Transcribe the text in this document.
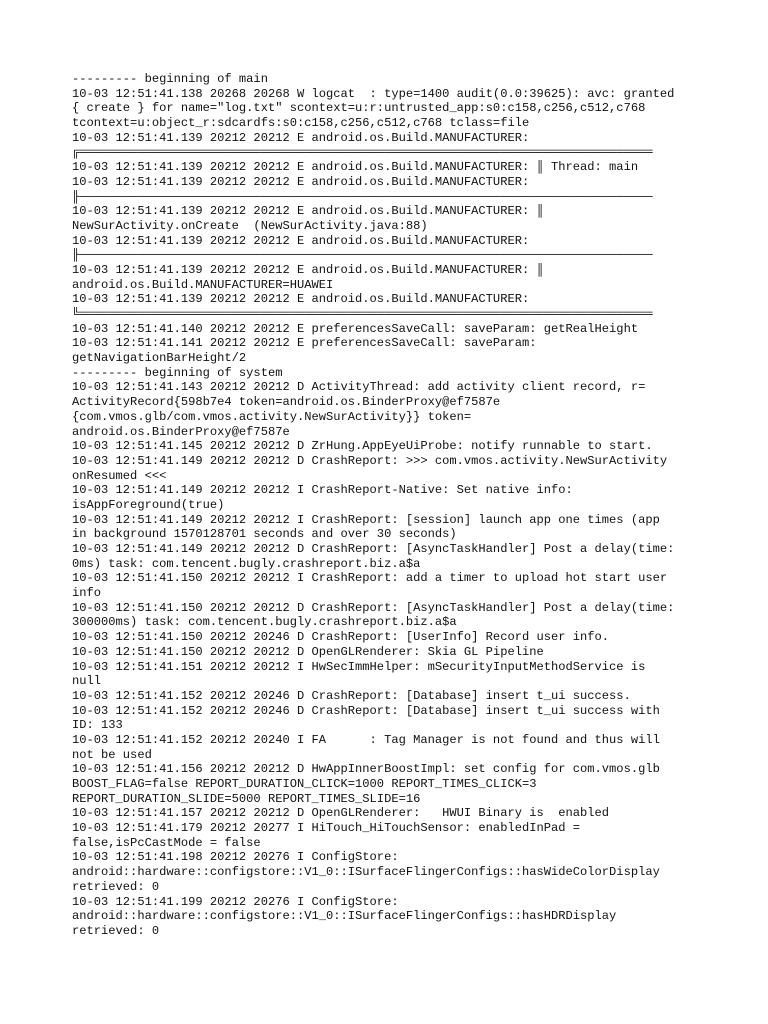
--------- beginning of main
10-03 12:51:41.138 20268 20268 W logcat  : type=1400 audit(0.0:39625): avc: granted
{ create } for name="log.txt" scontext=u:r:untrusted_app:s0:c158,c256,c512,c768
tcontext=u:object_r:sdcardfs:s0:c158,c256,c512,c768 tclass=file
10-03 12:51:41.139 20212 20212 E android.os.Build.MANUFACTURER:
╔═══════════════════════════════════════════════════════════════════════════════
10-03 12:51:41.139 20212 20212 E android.os.Build.MANUFACTURER: ║ Thread: main
10-03 12:51:41.139 20212 20212 E android.os.Build.MANUFACTURER:
╟───────────────────────────────────────────────────────────────────────────────
10-03 12:51:41.139 20212 20212 E android.os.Build.MANUFACTURER: ║
NewSurActivity.onCreate  (NewSurActivity.java:88)
10-03 12:51:41.139 20212 20212 E android.os.Build.MANUFACTURER:
╟───────────────────────────────────────────────────────────────────────────────
10-03 12:51:41.139 20212 20212 E android.os.Build.MANUFACTURER: ║
android.os.Build.MANUFACTURER=HUAWEI
10-03 12:51:41.139 20212 20212 E android.os.Build.MANUFACTURER:
╚═══════════════════════════════════════════════════════════════════════════════
10-03 12:51:41.140 20212 20212 E preferencesSaveCall: saveParam: getRealHeight
10-03 12:51:41.141 20212 20212 E preferencesSaveCall: saveParam:
getNavigationBarHeight/2
--------- beginning of system
10-03 12:51:41.143 20212 20212 D ActivityThread: add activity client record, r=
ActivityRecord{598b7e4 token=android.os.BinderProxy@ef7587e
{com.vmos.glb/com.vmos.activity.NewSurActivity}} token=
android.os.BinderProxy@ef7587e
10-03 12:51:41.145 20212 20212 D ZrHung.AppEyeUiProbe: notify runnable to start.
10-03 12:51:41.149 20212 20212 D CrashReport: >>> com.vmos.activity.NewSurActivity
onResumed <<<
10-03 12:51:41.149 20212 20212 I CrashReport-Native: Set native info:
isAppForeground(true)
10-03 12:51:41.149 20212 20212 I CrashReport: [session] launch app one times (app
in background 1570128701 seconds and over 30 seconds)
10-03 12:51:41.149 20212 20212 D CrashReport: [AsyncTaskHandler] Post a delay(time:
0ms) task: com.tencent.bugly.crashreport.biz.a$a
10-03 12:51:41.150 20212 20212 I CrashReport: add a timer to upload hot start user
info
10-03 12:51:41.150 20212 20212 D CrashReport: [AsyncTaskHandler] Post a delay(time:
300000ms) task: com.tencent.bugly.crashreport.biz.a$a
10-03 12:51:41.150 20212 20246 D CrashReport: [UserInfo] Record user info.
10-03 12:51:41.150 20212 20212 D OpenGLRenderer: Skia GL Pipeline
10-03 12:51:41.151 20212 20212 I HwSecImmHelper: mSecurityInputMethodService is
null
10-03 12:51:41.152 20212 20246 D CrashReport: [Database] insert t_ui success.
10-03 12:51:41.152 20212 20246 D CrashReport: [Database] insert t_ui success with
ID: 133
10-03 12:51:41.152 20212 20240 I FA      : Tag Manager is not found and thus will
not be used
10-03 12:51:41.156 20212 20212 D HwAppInnerBoostImpl: set config for com.vmos.glb
BOOST_FLAG=false REPORT_DURATION_CLICK=1000 REPORT_TIMES_CLICK=3
REPORT_DURATION_SLIDE=5000 REPORT_TIMES_SLIDE=16
10-03 12:51:41.157 20212 20212 D OpenGLRenderer:   HWUI Binary is  enabled
10-03 12:51:41.179 20212 20277 I HiTouch_HiTouchSensor: enabledInPad =
false,isPcCastMode = false
10-03 12:51:41.198 20212 20276 I ConfigStore:
android::hardware::configstore::V1_0::ISurfaceFlingerConfigs::hasWideColorDisplay
retrieved: 0
10-03 12:51:41.199 20212 20276 I ConfigStore:
android::hardware::configstore::V1_0::ISurfaceFlingerConfigs::hasHDRDisplay
retrieved: 0
